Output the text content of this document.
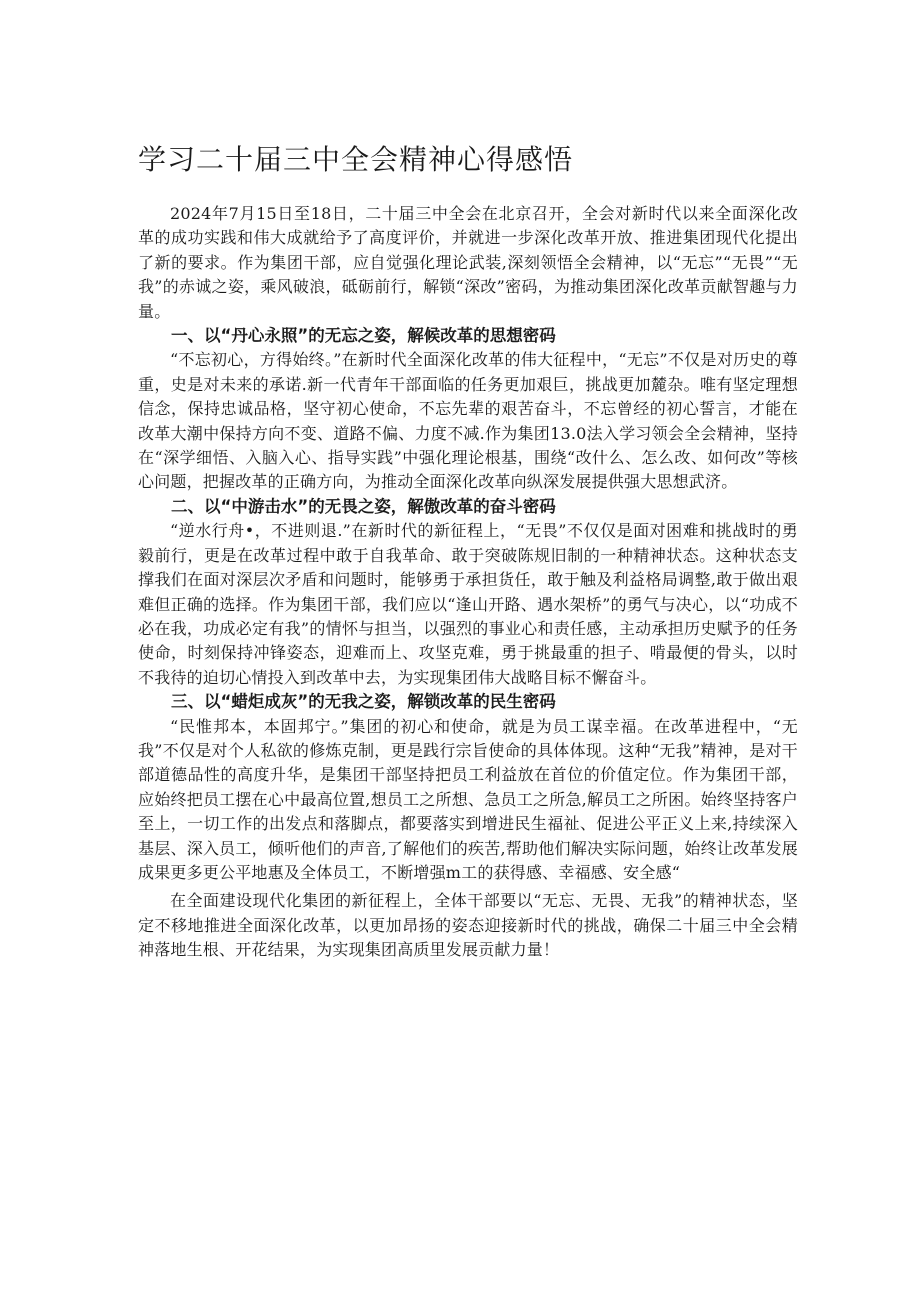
学习二十届三中全会精神心得感悟

2024年7月15日至18日，二十届三中全会在北京召开，全会对新时代以来全面深化改革的成功实践和伟大成就给予了高度评价，并就进一步深化改革开放、推进集团现代化提出了新的要求。作为集团干部，应自觉强化理论武装,深刻领悟全会精神，以“无忘”“无畏”“无我”的赤诚之姿，乘风破浪，砥砺前行，解锁“深改”密码，为推动集团深化改革贡献智趣与力量。

一、以“丹心永照”的无忘之姿，解候改革的思想密码

“不忘初心，方得始终。”在新时代全面深化改革的伟大征程中，“无忘”不仅是对历史的尊重，史是对未来的承诺.新一代青年干部面临的任务更加艰巨，挑战更加麓杂。唯有坚定理想信念，保持忠诚品格，坚守初心使命，不忘先辈的艰苦奋斗，不忘曾经的初心誓言，才能在改革大潮中保持方向不变、道路不偏、力度不减.作为集团13.0法入学习领会全会精神，坚持在“深学细悟、入脑入心、指导实践”中强化理论根基，围绕“改什么、怎么改、如何改”等核心问题，把握改革的正确方向，为推动全面深化改革向纵深发展提供强大思想武济。

二、以“中游击水”的无畏之姿，解傲改革的奋斗密码

“逆水行舟•，不进则退.”在新时代的新征程上，“无畏”不仅仅是面对困难和挑战时的勇毅前行，更是在改革过程中敢于自我革命、敢于突破陈规旧制的一种精神状态。这种状态支撑我们在面对深层次矛盾和问题时，能够勇于承担货任，敢于触及利益格局调整,敢于做出艰难但正确的选择。作为集团干部，我们应以“逢山开路、遇水架桥”的勇气与决心，以“功成不必在我，功成必定有我”的情怀与担当，以强烈的事业心和责任感，主动承担历史赋予的任务使命，时刻保持冲锋姿态，迎难而上、攻坚克难，勇于挑最重的担子、啃最便的骨头，以时不我待的迫切心情投入到改革中去，为实现集团伟大战略目标不懈奋斗。

三、以“蜡炬成灰”的无我之姿，解锁改革的民生密码

“民惟邦本，本固邦宁。”集团的初心和使命，就是为员工谋幸福。在改革进程中，“无我”不仅是对个人私欲的修炼克制，更是践行宗旨使命的具体体现。这种“无我”精神，是对干部道德品性的高度升华，是集团干部坚持把员工利益放在首位的价值定位。作为集团干部，应始终把员工摆在心中最高位置,想员工之所想、急员工之所急,解员工之所困。始终坚持客户至上，一切工作的出发点和落脚点，都要落实到增进民生福祉、促进公平正义上来,持续深入基层、深入员工，倾听他们的声音,了解他们的疾苦,帮助他们解决实际问题，始终让改革发展成果更多更公平地惠及全体员工，不断增强m工的获得感、幸福感、安全感“

在全面建设现代化集团的新征程上，全体干部要以“无忘、无畏、无我”的精神状态，坚定不移地推进全面深化改革，以更加昂扬的姿态迎接新时代的挑战，确保二十届三中全会精神落地生根、开花结果，为实现集团高质里发展贡献力量！
